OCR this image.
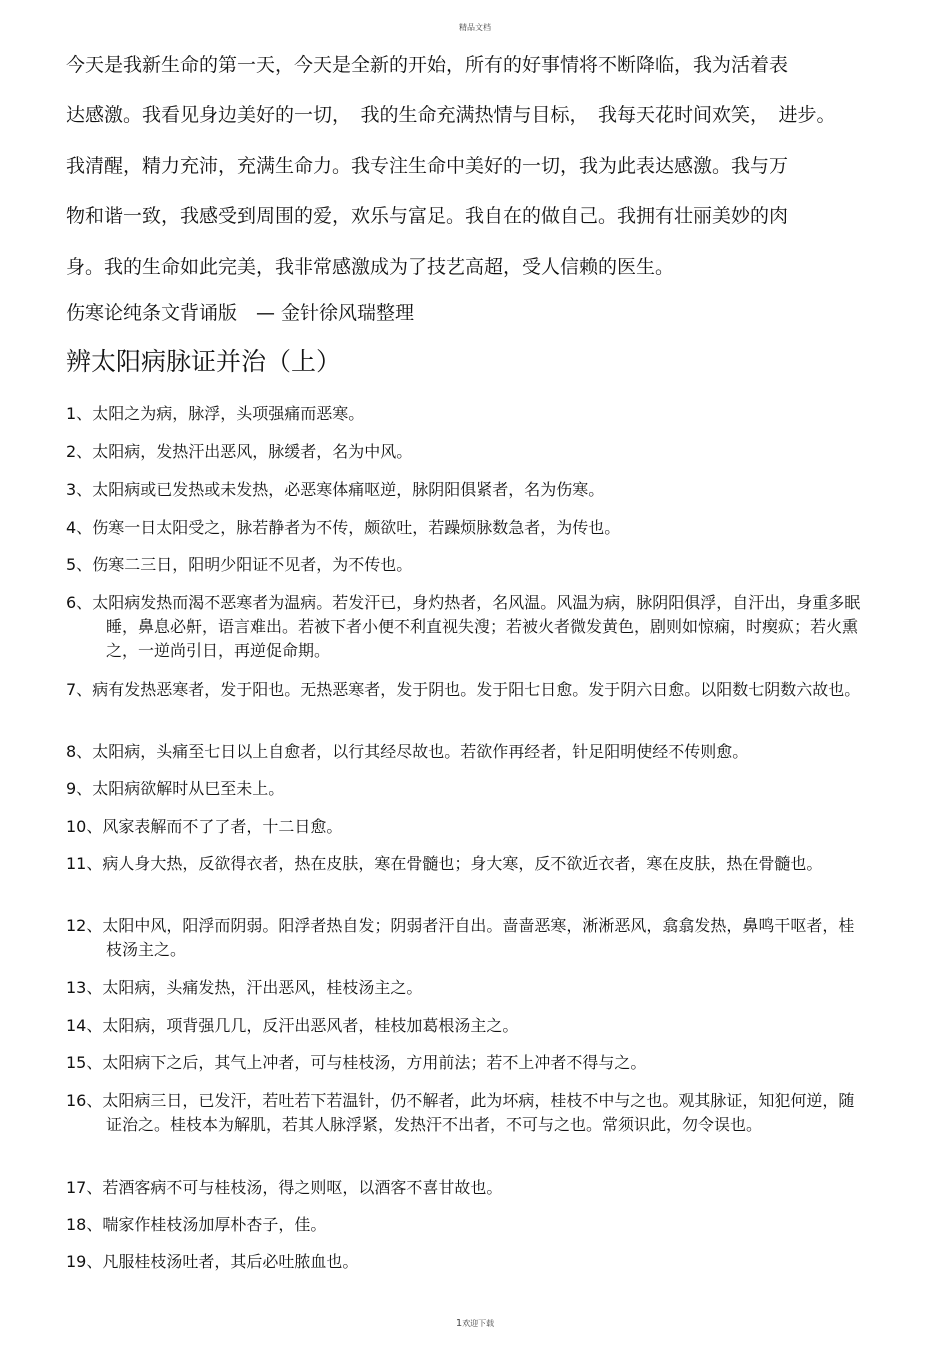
精品文档
今天是我新生命的第一天，今天是全新的开始，所有的好事情将不断降临，我为活着表
达感激。我看见身边美好的一切，　我的生命充满热情与目标，　我每天花时间欢笑，　进步。
我清醒，精力充沛，充满生命力。我专注生命中美好的一切，我为此表达感激。我与万
物和谐一致，我感受到周围的爱，欢乐与富足。我自在的做自己。我拥有壮丽美妙的肉
身。我的生命如此完美，我非常感激成为了技艺高超，受人信赖的医生。
伤寒论纯条文背诵版　— 金针徐风瑞整理
辨太阳病脉证并治（上）
1、太阳之为病，脉浮，头项强痛而恶寒。
2、太阳病，发热汗出恶风，脉缓者，名为中风。
3、太阳病或已发热或未发热，必恶寒体痛呕逆，脉阴阳俱紧者，名为伤寒。
4、伤寒一日太阳受之，脉若静者为不传，颇欲吐，若躁烦脉数急者，为传也。
5、伤寒二三日，阳明少阳证不见者，为不传也。
6、太阳病发热而渴不恶寒者为温病。若发汗已，身灼热者，名风温。风温为病，脉阴阳俱浮，自汗出，身重多眠睡，鼻息必鼾，语言难出。若被下者小便不利直视失溲；若被火者微发黄色，剧则如惊痫，时瘈疭；若火熏之，一逆尚引日，再逆促命期。
7、病有发热恶寒者，发于阳也。无热恶寒者，发于阴也。发于阳七日愈。发于阴六日愈。以阳数七阴数六故也。
8、太阳病，头痛至七日以上自愈者，以行其经尽故也。若欲作再经者，针足阳明使经不传则愈。
9、太阳病欲解时从巳至未上。
10、风家表解而不了了者，十二日愈。
11、病人身大热，反欲得衣者，热在皮肤，寒在骨髓也；身大寒，反不欲近衣者，寒在皮肤，热在骨髓也。
12、太阳中风，阳浮而阴弱。阳浮者热自发；阴弱者汗自出。啬啬恶寒，淅淅恶风，翕翕发热，鼻鸣干呕者，桂枝汤主之。
13、太阳病，头痛发热，汗出恶风，桂枝汤主之。
14、太阳病，项背强几几，反汗出恶风者，桂枝加葛根汤主之。
15、太阳病下之后，其气上冲者，可与桂枝汤，方用前法；若不上冲者不得与之。
16、太阳病三日，已发汗，若吐若下若温针，仍不解者，此为坏病，桂枝不中与之也。观其脉证，知犯何逆，随证治之。桂枝本为解肌，若其人脉浮紧，发热汗不出者，不可与之也。常须识此，勿令误也。
17、若酒客病不可与桂枝汤，得之则呕，以酒客不喜甘故也。
18、喘家作桂枝汤加厚朴杏子，佳。
19、凡服桂枝汤吐者，其后必吐脓血也。
1欢迎下载
